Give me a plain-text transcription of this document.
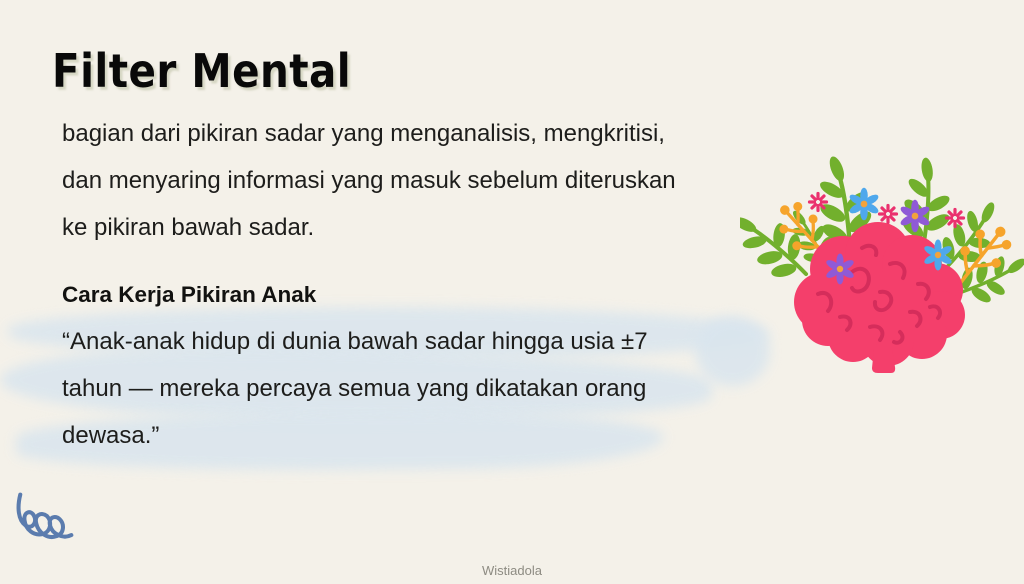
Filter Mental
bagian dari pikiran sadar yang menganalisis, mengkritisi,
dan menyaring informasi yang masuk sebelum diteruskan
ke pikiran bawah sadar.
Cara Kerja Pikiran Anak
“Anak-anak hidup di dunia bawah sadar hingga usia ±7
tahun — mereka percaya semua yang dikatakan orang
dewasa.”
Wistiadola
